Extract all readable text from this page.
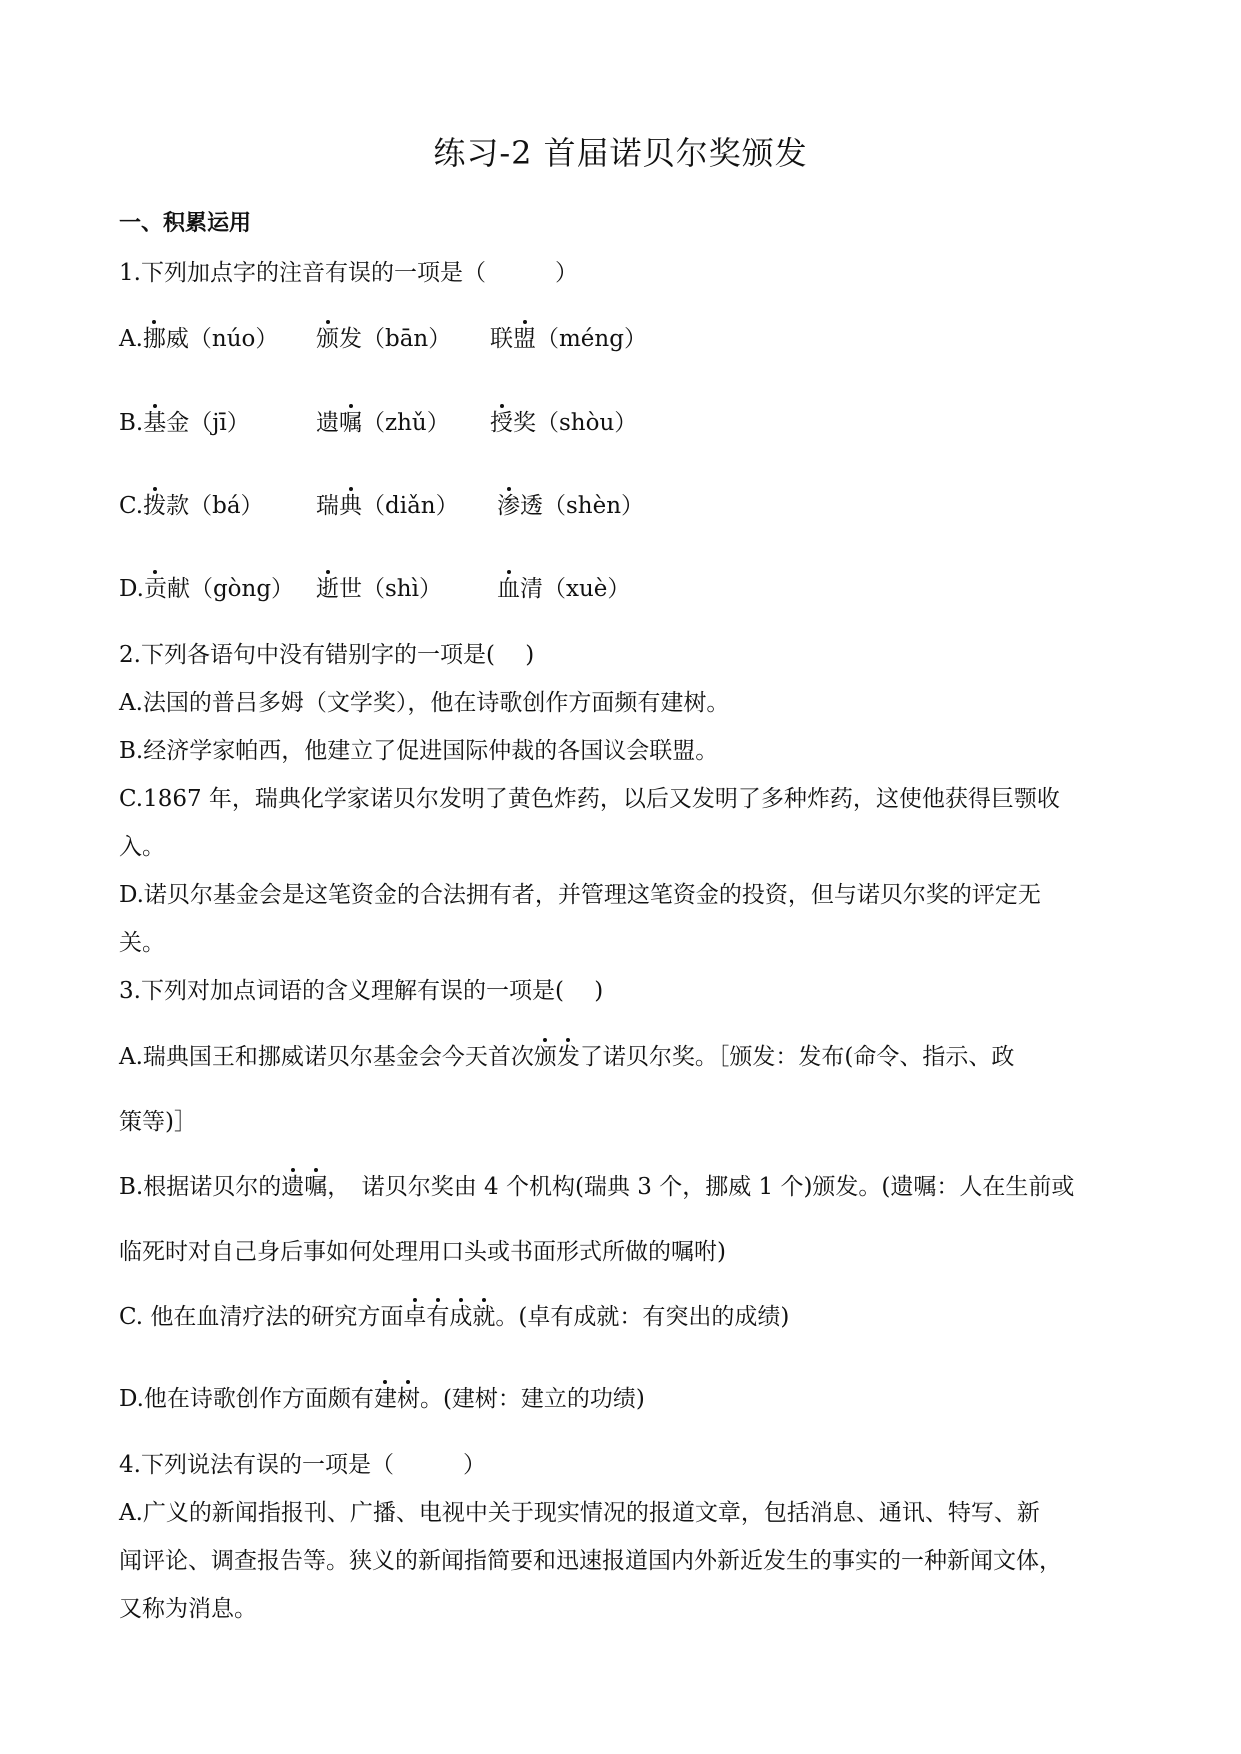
练习-2 首届诺贝尔奖颁发
一、积累运用
1.下列加点字的注音有误的一项是（　　　）
A.挪威（núo） 颁发（bān） 联盟（méng）
B.基金（jī）	遗嘱（zhǔ） 授奖（shòu）
C.拨款（bá） 瑞典（diǎn） 渗透（shèn）
D.贡献（gòng） 逝世（shì） 血清（xuè）
2.下列各语句中没有错别字的一项是(　 )
A.法国的普吕多姆（文学奖），他在诗歌创作方面频有建树。
B.经济学家帕西，他建立了促进国际仲裁的各国议会联盟。
C.1867 年，瑞典化学家诺贝尔发明了黄色炸药，以后又发明了多种炸药，这使他获得巨颚收
入。
D.诺贝尔基金会是这笔资金的合法拥有者，并管理这笔资金的投资，但与诺贝尔奖的评定无
关。
3.下列对加点词语的含义理解有误的一项是(　 )
A.瑞典国王和挪威诺贝尔基金会今天首次颁发了诺贝尔奖。［颁发：发布(命令、指示、政
策等)］
B.根据诺贝尔的遗嘱，　诺贝尔奖由 4 个机构(瑞典 3 个，挪威 1 个)颁发。(遗嘱：人在生前或
临死时对自己身后事如何处理用口头或书面形式所做的嘱咐)
C. 他在血清疗法的研究方面卓有成就。(卓有成就：有突出的成绩)
D.他在诗歌创作方面颇有建树。(建树：建立的功绩)
4.下列说法有误的一项是（　　　）
A.广义的新闻指报刊、广播、电视中关于现实情况的报道文章，包括消息、通讯、特写、新
闻评论、调查报告等。狭义的新闻指简要和迅速报道国内外新近发生的事实的一种新闻文体，
又称为消息。
